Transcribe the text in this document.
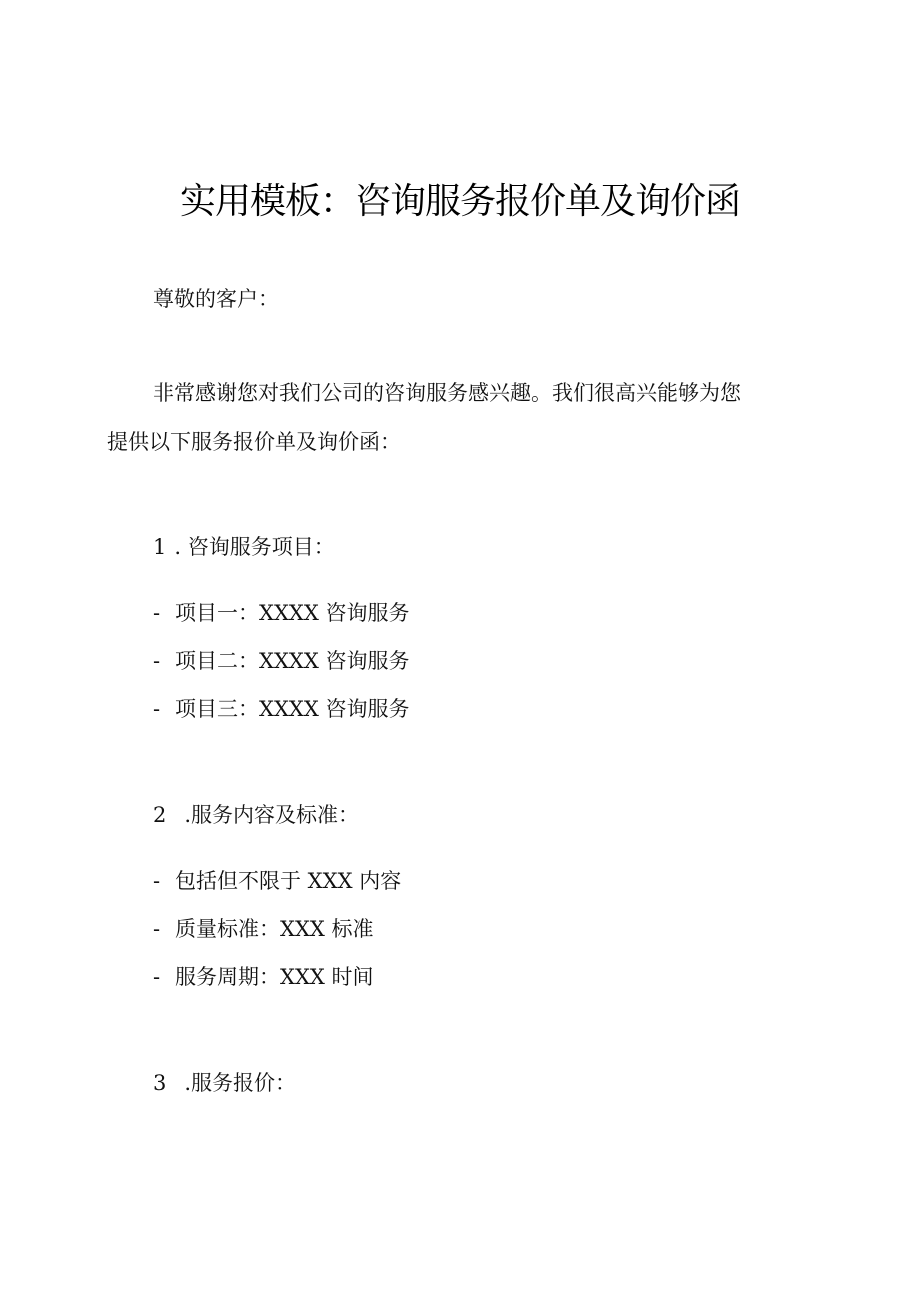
实用模板：咨询服务报价单及询价函

尊敬的客户：

非常感谢您对我们公司的咨询服务感兴趣。我们很高兴能够为您

提供以下服务报价单及询价函：

1 . 咨询服务项目：

- 项目一：XXXX 咨询服务

- 项目二：XXXX 咨询服务

- 项目三：XXXX 咨询服务

2 .服务内容及标准：

- 包括但不限于 XXX 内容

- 质量标准：XXX 标准

- 服务周期：XXX 时间

3 .服务报价：
